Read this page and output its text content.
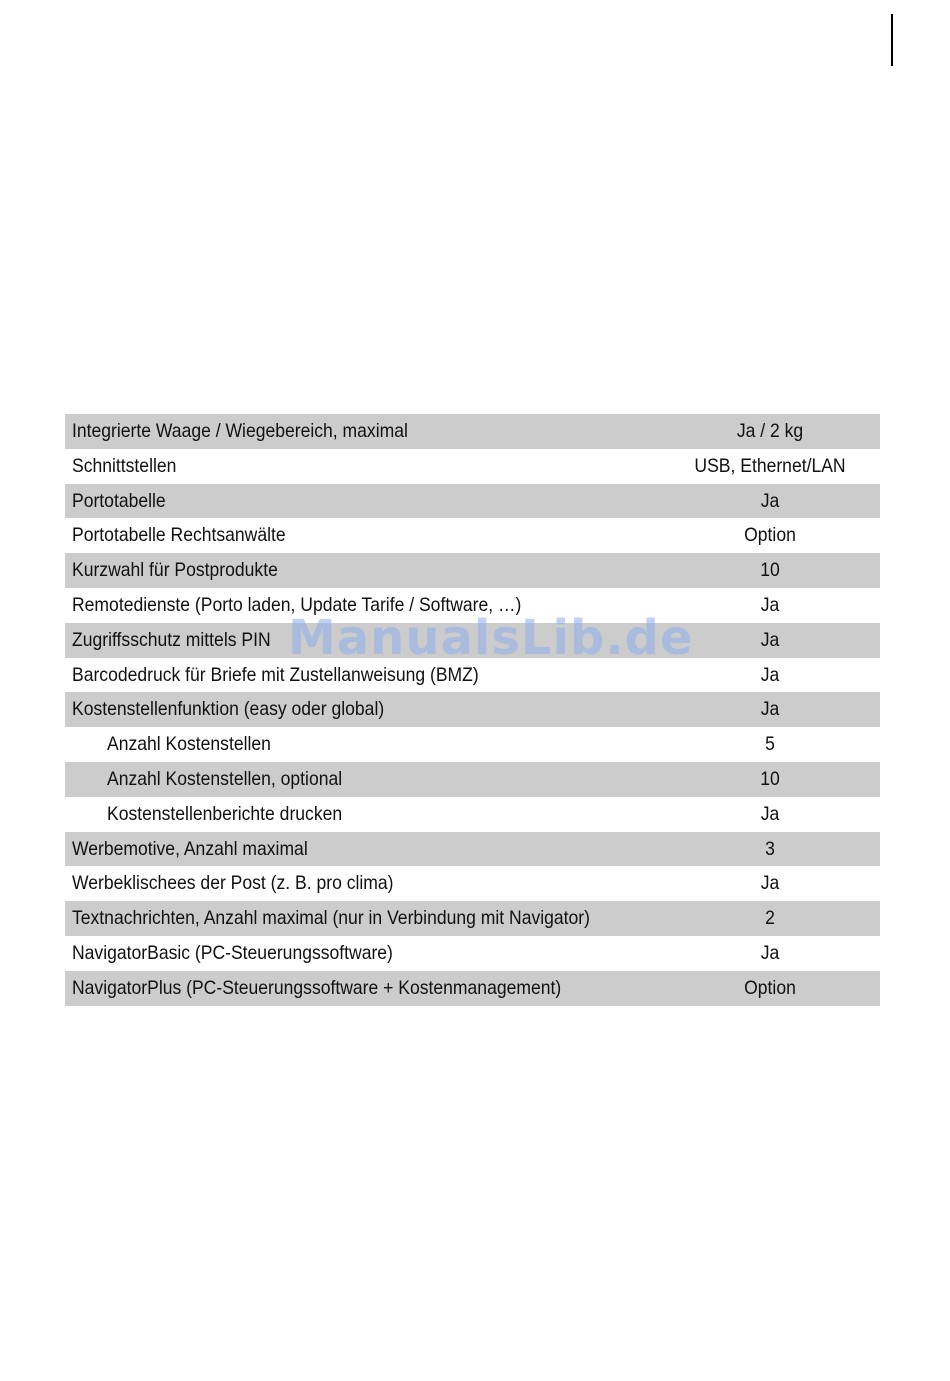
Integrierte Waage / Wiegebereich, maximal	Ja / 2 kg
Schnittstellen	USB, Ethernet/LAN
Portotabelle	Ja
Portotabelle Rechtsanwälte	Option
Kurzwahl für Postprodukte	10
Remotedienste (Porto laden, Update Tarife / Software, …)	Ja
Zugriffsschutz mittels PIN	Ja
Barcodedruck für Briefe mit Zustellanweisung (BMZ)	Ja
Kostenstellenfunktion (easy oder global)	Ja
Anzahl Kostenstellen	5
Anzahl Kostenstellen, optional	10
Kostenstellenberichte drucken	Ja
Werbemotive, Anzahl maximal	3
Werbeklischees der Post (z. B. pro clima)	Ja
Textnachrichten, Anzahl maximal (nur in Verbindung mit Navigator)	2
NavigatorBasic (PC-Steuerungssoftware)	Ja
NavigatorPlus (PC-Steuerungssoftware + Kostenmanagement)	Option
ManualsLib.de
